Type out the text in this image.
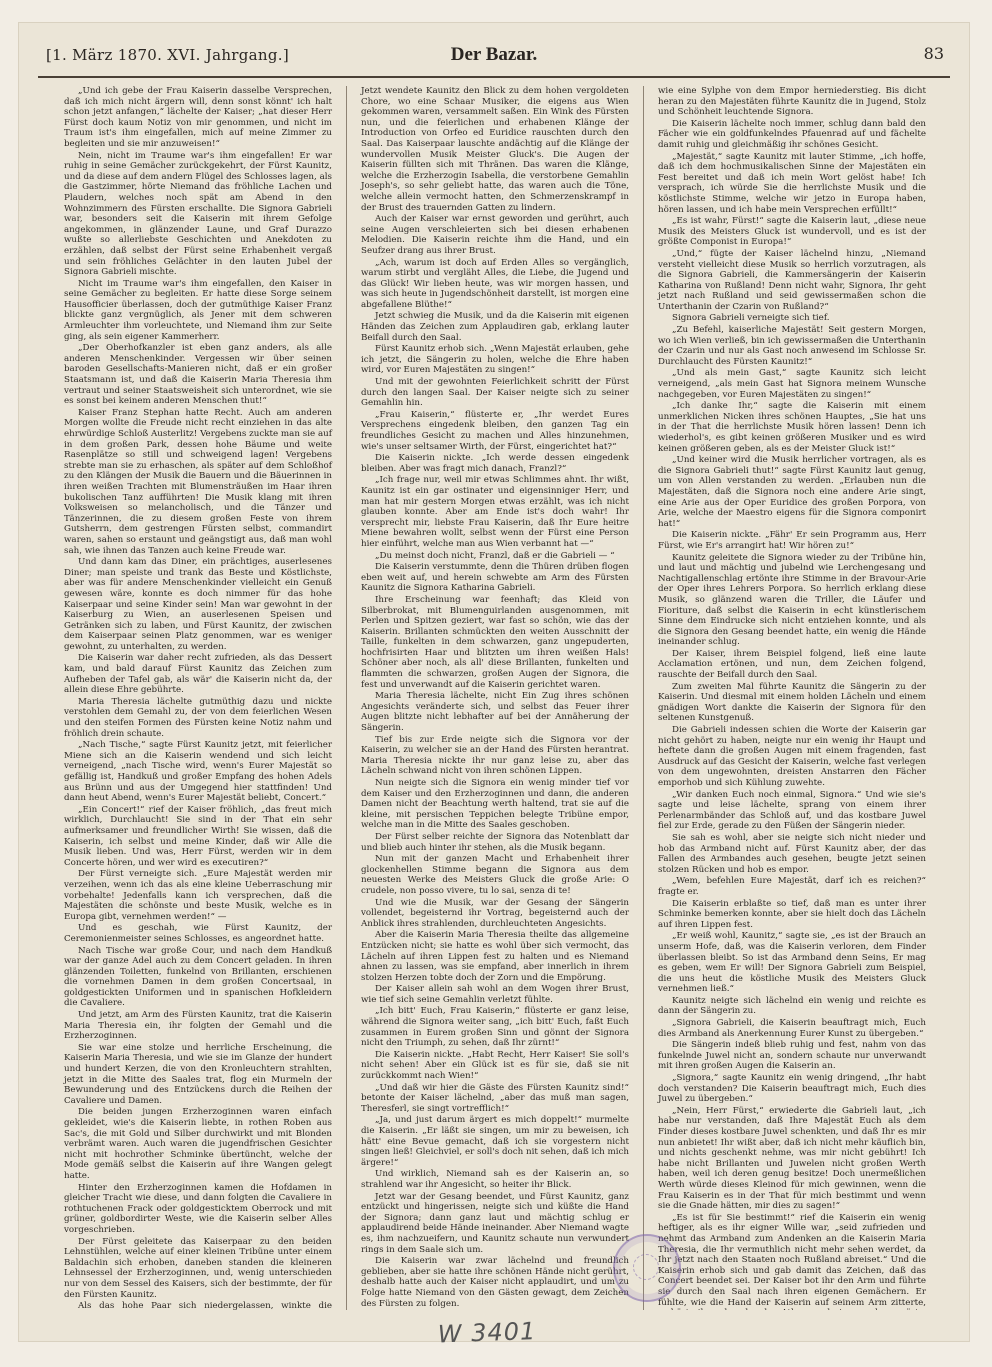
[1. März 1870. XVI. Jahrgang.]	Der Bazar.	83

„Und ich gebe der Frau Kaiserin dasselbe Versprechen, daß ich mich nicht ärgern will, denn sonst könnt' ich halt schon jetzt anfangen,“ lächelte der Kaiser; „hat dieser Herr Fürst doch kaum Notiz von mir genommen, und nicht im Traum ist's ihm eingefallen, mich auf meine Zimmer zu begleiten und sie mir anzuweisen!“

Nein, nicht im Traume war's ihm eingefallen! Er war ruhig in seine Gemächer zurückgekehrt, der Fürst Kaunitz, und da diese auf dem andern Flügel des Schlosses lagen, als die Gastzimmer, hörte Niemand das fröhliche Lachen und Plaudern, welches noch spät am Abend in den Wohnzimmern des Fürsten erschallte. Die Signora Gabrieli war, besonders seit die Kaiserin mit ihrem Gefolge angekommen, in glänzender Laune, und Graf Durazzo wußte so allerliebste Geschichten und Anekdoten zu erzählen, daß selbst der Fürst seine Erhabenheit vergaß und sein fröhliches Gelächter in den lauten Jubel der Signora Gabrieli mischte.

Nicht im Traume war's ihm eingefallen, den Kaiser in seine Gemächer zu begleiten. Er hatte diese Sorge seinem Hausofficier überlassen, doch der gutmüthige Kaiser Franz blickte ganz vergnüglich, als Jener mit dem schweren Armleuchter ihm vorleuchtete, und Niemand ihm zur Seite ging, als sein eigener Kammerherr.

„Der Oberhofkanzler ist eben ganz anders, als alle anderen Menschenkinder. Vergessen wir über seinen baroden Gesellschafts-Manieren nicht, daß er ein großer Staatsmann ist, und daß die Kaiserin Maria Theresia ihm vertraut und seiner Staatsweisheit sich unterordnet, wie sie es sonst bei keinem anderen Menschen thut!“

Kaiser Franz Stephan hatte Recht. Auch am anderen Morgen wollte die Freude nicht recht einziehen in das alte ehrwürdige Schloß Austerlitz! Vergebens zuckte man sie auf in dem großen Park, dessen hohe Bäume und weite Rasenplätze so still und schweigend lagen! Vergebens strebte man sie zu erhaschen, als später auf dem Schloßhof zu den Klängen der Musik die Bauern und die Bäuerinnen in ihren weißen Trachten mit Blumensträußen im Haar ihren bukolischen Tanz aufführten! Die Musik klang mit ihren Volksweisen so melancholisch, und die Tänzer und Tänzerinnen, die zu diesem großen Feste von ihrem Gutsherrn, dem gestrengen Fürsten selbst, commandirt waren, sahen so erstaunt und geängstigt aus, daß man wohl sah, wie ihnen das Tanzen auch keine Freude war.

Und dann kam das Diner, ein prächtiges, auserlesenes Diner; man speiste und trank das Beste und Köstlichste, aber was für andere Menschenkinder vielleicht ein Genuß gewesen wäre, konnte es doch nimmer für das hohe Kaiserpaar und seine Kinder sein! Man war gewohnt in der Kaiserburg zu Wien, an auserlesenen Speisen und Getränken sich zu laben, und Fürst Kaunitz, der zwischen dem Kaiserpaar seinen Platz genommen, war es weniger gewohnt, zu unterhalten, zu werden.

Die Kaiserin war daher recht zufrieden, als das Dessert kam, und bald darauf Fürst Kaunitz das Zeichen zum Aufheben der Tafel gab, als wär' die Kaiserin nicht da, der allein diese Ehre gebührte.

Maria Theresia lächelte gutmüthig dazu und nickte verstohlen dem Gemahl zu, der von dem feierlichen Wesen und den steifen Formen des Fürsten keine Notiz nahm und fröhlich drein schaute.

„Nach Tische,“ sagte Fürst Kaunitz jetzt, mit feierlicher Miene sich an die Kaiserin wendend und sich leicht verneigend, „nach Tische wird, wenn's Eurer Majestät so gefällig ist, Handkuß und großer Empfang des hohen Adels aus Brünn und aus der Umgegend hier stattfinden! Und dann heut Abend, wenn's Eurer Majestät beliebt, Concert.“

„Ein Concert!“ rief der Kaiser fröhlich, „das freut mich wirklich, Durchlaucht! Sie sind in der That ein sehr aufmerksamer und freundlicher Wirth! Sie wissen, daß die Kaiserin, ich selbst und meine Kinder, daß wir Alle die Musik lieben. Und was, Herr Fürst, werden wir in dem Concerte hören, und wer wird es executiren?“

Der Fürst verneigte sich. „Eure Majestät werden mir verzeihen, wenn ich das als eine kleine Ueberraschung mir vorbehalte! Jedenfalls kann ich versprechen, daß die Majestäten die schönste und beste Musik, welche es in Europa gibt, vernehmen werden!“ —

Und es geschah, wie Fürst Kaunitz, der Ceremonienmeister seines Schlosses, es angeordnet hatte.

Nach Tische war große Cour, und nach dem Handkuß war der ganze Adel auch zu dem Concert geladen. In ihren glänzenden Toiletten, funkelnd von Brillanten, erschienen die vornehmen Damen in dem großen Concertsaal, in goldgestickten Uniformen und in spanischen Hofkleidern die Cavaliere.

Und jetzt, am Arm des Fürsten Kaunitz, trat die Kaiserin Maria Theresia ein, ihr folgten der Gemahl und die Erzherzoginnen.

Sie war eine stolze und herrliche Erscheinung, die Kaiserin Maria Theresia, und wie sie im Glanze der hundert und hundert Kerzen, die von den Kronleuchtern strahlten, jetzt in die Mitte des Saales trat, flog ein Murmeln der Bewunderung und des Entzückens durch die Reihen der Cavaliere und Damen.

Die beiden jungen Erzherzoginnen waren einfach gekleidet, wie's die Kaiserin liebte, in rothen Roben aus Sac's, die mit Gold und Silber durchwirkt und mit Blonden verbrämt waren. Auch waren die jugendfrischen Gesichter nicht mit hochrother Schminke übertüncht, welche der Mode gemäß selbst die Kaiserin auf ihre Wangen gelegt hatte.

Hinter den Erzherzoginnen kamen die Hofdamen in gleicher Tracht wie diese, und dann folgten die Cavaliere in rothtuchenen Frack oder goldgesticktem Oberrock und mit grüner, goldbordirter Weste, wie die Kaiserin selber Alles vorgeschrieben.

Der Fürst geleitete das Kaiserpaar zu den beiden Lehnstühlen, welche auf einer kleinen Tribüne unter einem Baldachin sich erhoben, daneben standen die kleineren Lehnsessel der Erzherzoginnen, und, wenig unterschieden nur von dem Sessel des Kaisers, sich der bestimmte, der für den Fürsten Kaunitz.

Als das hohe Paar sich niedergelassen, winkte die

Jetzt wendete Kaunitz den Blick zu dem hohen vergoldeten Chore, wo eine Schaar Musiker, die eigens aus Wien gekommen waren, versammelt saßen. Ein Wink des Fürsten nun, und die feierlichen und erhabenen Klänge der Introduction von Orfeo ed Euridice rauschten durch den Saal. Das Kaiserpaar lauschte andächtig auf die Klänge der wundervollen Musik Meister Gluck's. Die Augen der Kaiserin füllten sich mit Thränen. Das waren die Klänge, welche die Erzherzogin Isabella, die verstorbene Gemahlin Joseph's, so sehr geliebt hatte, das waren auch die Töne, welche allein vermocht hatten, den Schmerzenskrampf in der Brust des trauernden Gatten zu lindern.

Auch der Kaiser war ernst geworden und gerührt, auch seine Augen verschleierten sich bei diesen erhabenen Melodien. Die Kaiserin reichte ihm die Hand, und ein Seufzer drang aus ihrer Brust.

„Ach, warum ist doch auf Erden Alles so vergänglich, warum stirbt und vergläht Alles, die Liebe, die Jugend und das Glück! Wir lieben heute, was wir morgen hassen, und was sich heute in Jugendschönheit darstellt, ist morgen eine abgefallene Blüthe!“

Jetzt schwieg die Musik, und da die Kaiserin mit eigenen Händen das Zeichen zum Applaudiren gab, erklang lauter Beifall durch den Saal.

Fürst Kaunitz erhob sich. „Wenn Majestät erlauben, gehe ich jetzt, die Sängerin zu holen, welche die Ehre haben wird, vor Euren Majestäten zu singen!“

Und mit der gewohnten Feierlichkeit schritt der Fürst durch den langen Saal. Der Kaiser neigte sich zu seiner Gemahlin hin.

„Frau Kaiserin,“ flüsterte er, „Ihr werdet Eures Versprechens eingedenk bleiben, den ganzen Tag ein freundliches Gesicht zu machen und Alles hinzunehmen, wie's unser seltsamer Wirth, der Fürst, eingerichtet hat?“

Die Kaiserin nickte. „Ich werde dessen eingedenk bleiben. Aber was fragt mich danach, Franzl?“

„Ich frage nur, weil mir etwas Schlimmes ahnt. Ihr wißt, Kaunitz ist ein gar ostinater und eigensinniger Herr, und man hat mir gestern Morgen etwas erzählt, was ich nicht glauben konnte. Aber am Ende ist's doch wahr! Ihr versprecht mir, liebste Frau Kaiserin, daß Ihr Eure heitre Miene bewahren wollt, selbst wenn der Fürst eine Person hier einführt, welche man aus Wien verbannt hat —“

„Du meinst doch nicht, Franzl, daß er die Gabrieli — “

Die Kaiserin verstummte, denn die Thüren drüben flogen eben weit auf, und herein schwebte am Arm des Fürsten Kaunitz die Signora Katharina Gabrieli.

Ihre Erscheinung war feenhaft; das Kleid von Silberbrokat, mit Blumenguirlanden ausgenommen, mit Perlen und Spitzen geziert, war fast so schön, wie das der Kaiserin. Brillanten schmückten den weiten Ausschnitt der Taille, funkelten in dem schwarzen, ganz ungepuderten, hochfrisirten Haar und blitzten um ihren weißen Hals! Schöner aber noch, als all' diese Brillanten, funkelten und flammten die schwarzen, großen Augen der Signora, die fest und unverwandt auf die Kaiserin gerichtet waren.

Maria Theresia lächelte, nicht Ein Zug ihres schönen Angesichts veränderte sich, und selbst das Feuer ihrer Augen blitzte nicht lebhafter auf bei der Annäherung der Sängerin.

Tief bis zur Erde neigte sich die Signora vor der Kaiserin, zu welcher sie an der Hand des Fürsten herantrat. Maria Theresia nickte ihr nur ganz leise zu, aber das Lächeln schwand nicht von ihren schönen Lippen.

Nun neigte sich die Signora ein wenig minder tief vor dem Kaiser und den Erzherzoginnen und dann, die anderen Damen nicht der Beachtung werth haltend, trat sie auf die kleine, mit persischen Teppichen belegte Tribüne empor, welche man in die Mitte des Saales geschoben.

Der Fürst selber reichte der Signora das Notenblatt dar und blieb auch hinter ihr stehen, als die Musik begann.

Nun mit der ganzen Macht und Erhabenheit ihrer glockenhellen Stimme begann die Signora aus dem neuesten Werke des Meisters Gluck die große Arie: O crudele, non posso vivere, tu lo sai, senza di te!

Und wie die Musik, war der Gesang der Sängerin vollendet, begeisternd ihr Vortrag, begeisternd auch der Anblick ihres strahlenden, durchleuchteten Angesichts.

Aber die Kaiserin Maria Theresia theilte das allgemeine Entzücken nicht; sie hatte es wohl über sich vermocht, das Lächeln auf ihren Lippen fest zu halten und es Niemand ahnen zu lassen, was sie empfand, aber innerlich in ihrem stolzen Herzen tobte doch der Zorn und die Empörung.

Der Kaiser allein sah wohl an dem Wogen ihrer Brust, wie tief sich seine Gemahlin verletzt fühlte.

„Ich bitt' Euch, Frau Kaiserin,“ flüsterte er ganz leise, während die Signora weiter sang, „ich bitt' Euch, faßt Euch zusammen in Eurem großen Sinn und gönnt der Signora nicht den Triumph, zu sehen, daß Ihr zürnt!“

Die Kaiserin nickte. „Habt Recht, Herr Kaiser! Sie soll's nicht sehen! Aber ein Glück ist es für sie, daß sie nit zurückkommt nach Wien!“

„Und daß wir hier die Gäste des Fürsten Kaunitz sind!“ betonte der Kaiser lächelnd, „aber das muß man sagen, Theresferl, sie singt vortrefflich!“

„Ja, und just darum ärgert es mich doppelt!“ murmelte die Kaiserin. „Er läßt sie singen, um mir zu beweisen, ich hätt' eine Bevue gemacht, daß ich sie vorgestern nicht singen ließ! Gleichviel, er soll's doch nit sehen, daß ich mich ärgere!“

Und wirklich, Niemand sah es der Kaiserin an, so strahlend war ihr Angesicht, so heiter ihr Blick.

Jetzt war der Gesang beendet, und Fürst Kaunitz, ganz entzückt und hingerissen, neigte sich und küßte die Hand der Signora; dann ganz laut und mächtig schlug er applaudirend beide Hände ineinander. Aber Niemand wagte es, ihm nachzueifern, und Kaunitz schaute nun verwundert rings in dem Saale sich um.

Die Kaiserin war zwar lächelnd und freundlich geblieben, aber sie hatte ihre schönen Hände nicht gerührt, deshalb hatte auch der Kaiser nicht applaudirt, und um zu Folge hatte Niemand von den Gästen gewagt, dem Zeichen des Fürsten zu folgen.

wie eine Sylphe von dem Empor herniederstieg. Bis dicht heran zu den Majestäten führte Kaunitz die in Jugend, Stolz und Schönheit leuchtende Signora.

Die Kaiserin lächelte noch immer, schlug dann bald den Fächer wie ein goldfunkelndes Pfauenrad auf und fächelte damit ruhig und gleichmäßig ihr schönes Gesicht.

„Majestät,“ sagte Kaunitz mit lauter Stimme, „ich hoffe, daß ich dem hochmusikalischen Sinne der Majestäten ein Fest bereitet und daß ich mein Wort gelöst habe! Ich versprach, ich würde Sie die herrlichste Musik und die köstlichste Stimme, welche wir jetzo in Europa haben, hören lassen, und ich habe mein Versprechen erfüllt!“

„Es ist wahr, Fürst!“ sagte die Kaiserin laut, „diese neue Musik des Meisters Gluck ist wundervoll, und es ist der größte Componist in Europa!“

„Und,“ fügte der Kaiser lächelnd hinzu, „Niemand versteht vielleicht diese Musik so herrlich vorzutragen, als die Signora Gabrieli, die Kammersängerin der Kaiserin Katharina von Rußland! Denn nicht wahr, Signora, Ihr geht jetzt nach Rußland und seid gewissermaßen schon die Unterthanin der Czarin von Rußland?“

Signora Gabrieli verneigte sich tief.

„Zu Befehl, kaiserliche Majestät! Seit gestern Morgen, wo ich Wien verließ, bin ich gewissermaßen die Unterthanin der Czarin und nur als Gast noch anwesend im Schlosse Sr. Durchlaucht des Fürsten Kaunitz!“

„Und als mein Gast,“ sagte Kaunitz sich leicht verneigend, „als mein Gast hat Signora meinem Wunsche nachgegeben, vor Euren Majestäten zu singen!“

„Ich danke Ihr,“ sagte die Kaiserin mit einem unmerklichen Nicken ihres schönen Hauptes, „Sie hat uns in der That die herrlichste Musik hören lassen! Denn ich wiederhol's, es gibt keinen größeren Musiker und es wird keinen größeren geben, als es der Meister Gluck ist!“

„Und keiner wird die Musik herrlicher vortragen, als es die Signora Gabrieli thut!“ sagte Fürst Kaunitz laut genug, um von Allen verstanden zu werden. „Erlauben nun die Majestäten, daß die Signora noch eine andere Arie singt, eine Arie aus der Oper Euridice des großen Porpora, von Arie, welche der Maestro eigens für die Signora componirt hat!“

Die Kaiserin nickte. „Fähr' Er sein Programm aus, Herr Fürst, wie Er's arrangirt hat! Wir hören zu!“

Kaunitz geleitete die Signora wieder zu der Tribüne hin, und laut und mächtig und jubelnd wie Lerchengesang und Nachtigallenschlag ertönte ihre Stimme in der Bravour-Arie der Oper ihres Lehrers Porpora. So herrlich erklang diese Musik, so glänzend waren die Triller, die Läufer und Fioriture, daß selbst die Kaiserin in echt künstlerischem Sinne dem Eindrucke sich nicht entziehen konnte, und als die Signora den Gesang beendet hatte, ein wenig die Hände ineinander schlug.

Der Kaiser, ihrem Beispiel folgend, ließ eine laute Acclamation ertönen, und nun, dem Zeichen folgend, rauschte der Beifall durch den Saal.

Zum zweiten Mal führte Kaunitz die Sängerin zu der Kaiserin. Und diesmal mit einem holden Lächeln und einem gnädigen Wort dankte die Kaiserin der Signora für den seltenen Kunstgenuß.

Die Gabrieli indessen schien die Worte der Kaiserin gar nicht gehört zu haben, neigte nur ein wenig ihr Haupt und heftete dann die großen Augen mit einem fragenden, fast Ausdruck auf das Gesicht der Kaiserin, welche fast verlegen von dem ungewohnten, dreisten Anstarren den Fächer emporhob und sich Kühlung zuwehte.

„Wir danken Euch noch einmal, Signora.“ Und wie sie's sagte und leise lächelte, sprang von einem ihrer Perlenarmbänder das Schloß auf, und das kostbare Juwel fiel zur Erde, gerade zu den Füßen der Sängerin nieder.

Sie sah es wohl, aber sie neigte sich nicht nieder und hob das Armband nicht auf. Fürst Kaunitz aber, der das Fallen des Armbandes auch gesehen, beugte jetzt seinen stolzen Rücken und hob es empor.

„Wem, befehlen Eure Majestät, darf ich es reichen?“ fragte er.

Die Kaiserin erblaßte so tief, daß man es unter ihrer Schminke bemerken konnte, aber sie hielt doch das Lächeln auf ihren Lippen fest.

„Er weiß wohl, Kaunitz,“ sagte sie, „es ist der Brauch an unserm Hofe, daß, was die Kaiserin verloren, dem Finder überlassen bleibt. So ist das Armband denn Seins, Er mag es geben, wem Er will! Der Signora Gabrieli zum Beispiel, die uns heut die köstliche Musik des Meisters Gluck vernehmen ließ.“

Kaunitz neigte sich lächelnd ein wenig und reichte es dann der Sängerin zu.

„Signora Gabrieli, die Kaiserin beauftragt mich, Euch dies Armband als Anerkennung Eurer Kunst zu übergeben.“

Die Sängerin indeß blieb ruhig und fest, nahm von das funkelnde Juwel nicht an, sondern schaute nur unverwandt mit ihren großen Augen die Kaiserin an.

„Signora,“ sagte Kaunitz ein wenig dringend, „Ihr habt doch verstanden? Die Kaiserin beauftragt mich, Euch dies Juwel zu übergeben.“

„Nein, Herr Fürst,“ erwiederte die Gabrieli laut, „ich habe nur verstanden, daß Ihre Majestät Euch als dem Finder dieses kostbare Juwel schenkten, und daß Ihr es mir nun anbietet! Ihr wißt aber, daß ich nicht mehr käuflich bin, und nichts geschenkt nehme, was mir nicht gebührt! Ich habe nicht Brillanten und Juwelen nicht großen Werth haben, weil ich deren genug besitze! Doch unermeßlichen Werth würde dieses Kleinod für mich gewinnen, wenn die Frau Kaiserin es in der That für mich bestimmt und wenn sie die Gnade hätten, mir dies zu sagen!“

„Es ist für Sie bestimmt!“ rief die Kaiserin ein wenig heftiger, als es ihr eigner Wille war, „seid zufrieden und nehmt das Armband zum Andenken an die Kaiserin Maria Theresia, die Ihr vermuthlich nicht mehr sehen werdet, da Ihr jetzt nach den Staaten noch Rußland abreiset.“ Und die Kaiserin erhob sich und gab damit das Zeichen, daß das Concert beendet sei. Der Kaiser bot ihr den Arm und führte sie durch den Saal nach ihren eigenen Gemächern. Er fühlte, wie die Hand der Kaiserin auf seinem Arm zitterte,

W 3401
